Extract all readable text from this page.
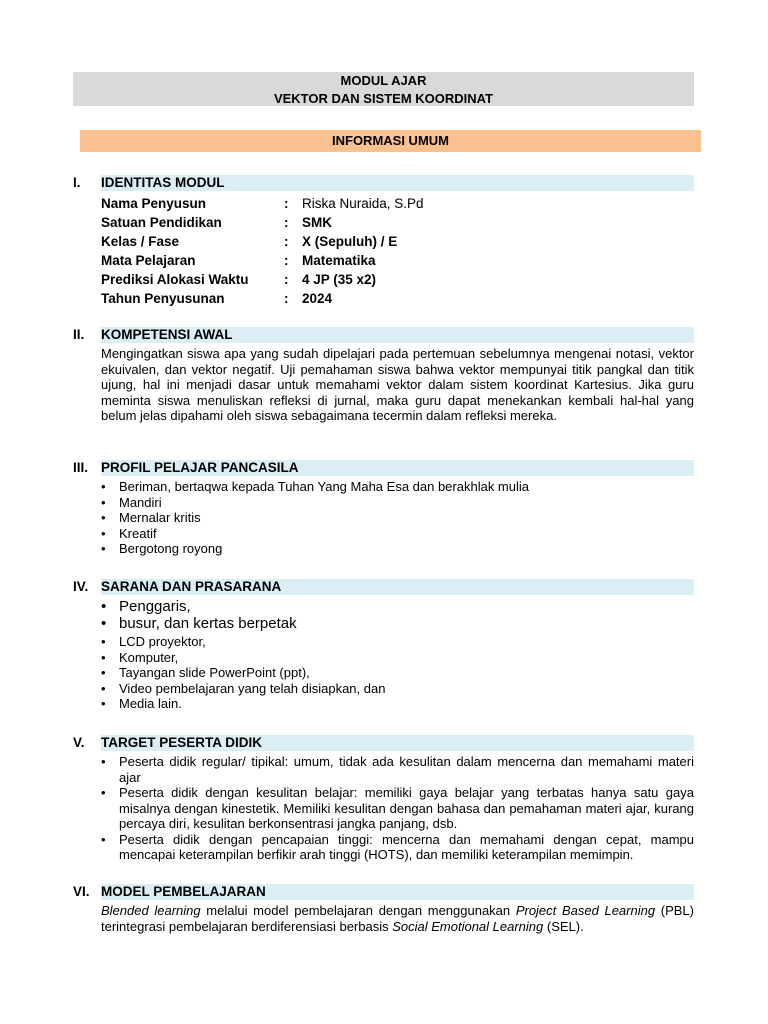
MODUL AJAR
VEKTOR DAN SISTEM KOORDINAT
INFORMASI UMUM
I.	IDENTITAS MODUL
Nama Penyusun	: Riska Nuraida, S.Pd
Satuan Pendidikan	: SMK
Kelas / Fase	: X (Sepuluh) / E
Mata Pelajaran	: Matematika
Prediksi Alokasi Waktu	: 4 JP (35 x2)
Tahun Penyusunan	: 2024
II.	KOMPETENSI AWAL
Mengingatkan siswa apa yang sudah dipelajari pada pertemuan sebelumnya mengenai notasi, vektor ekuivalen, dan vektor negatif. Uji pemahaman siswa bahwa vektor mempunyai titik pangkal dan titik ujung, hal ini menjadi dasar untuk memahami vektor dalam sistem koordinat Kartesius. Jika guru meminta siswa menuliskan refleksi di jurnal, maka guru dapat menekankan kembali hal-hal yang belum jelas dipahami oleh siswa sebagaimana tecermin dalam refleksi mereka.
III. PROFIL PELAJAR PANCASILA
• Beriman, bertaqwa kepada Tuhan Yang Maha Esa dan berakhlak mulia
• Mandiri
• Mernalar kritis
• Kreatif
• Bergotong royong
IV. SARANA DAN PRASARANA
• Penggaris,
• busur, dan kertas berpetak
• LCD proyektor,
• Komputer,
• Tayangan slide PowerPoint (ppt),
• Video pembelajaran yang telah disiapkan, dan
• Media lain.
V.	TARGET PESERTA DIDIK
• Peserta didik regular/ tipikal: umum, tidak ada kesulitan dalam mencerna dan memahami materi ajar
• Peserta didik dengan kesulitan belajar: memiliki gaya belajar yang terbatas hanya satu gaya misalnya dengan kinestetik. Memiliki kesulitan dengan bahasa dan pemahaman materi ajar, kurang percaya diri, kesulitan berkonsentrasi jangka panjang, dsb.
• Peserta didik dengan pencapaian tinggi: mencerna dan memahami dengan cepat, mampu mencapai keterampilan berfikir arah tinggi (HOTS), dan memiliki keterampilan memimpin.
VI. MODEL PEMBELAJARAN
Blended learning melalui model pembelajaran dengan menggunakan Project Based Learning (PBL) terintegrasi pembelajaran berdiferensiasi berbasis Social Emotional Learning (SEL).
